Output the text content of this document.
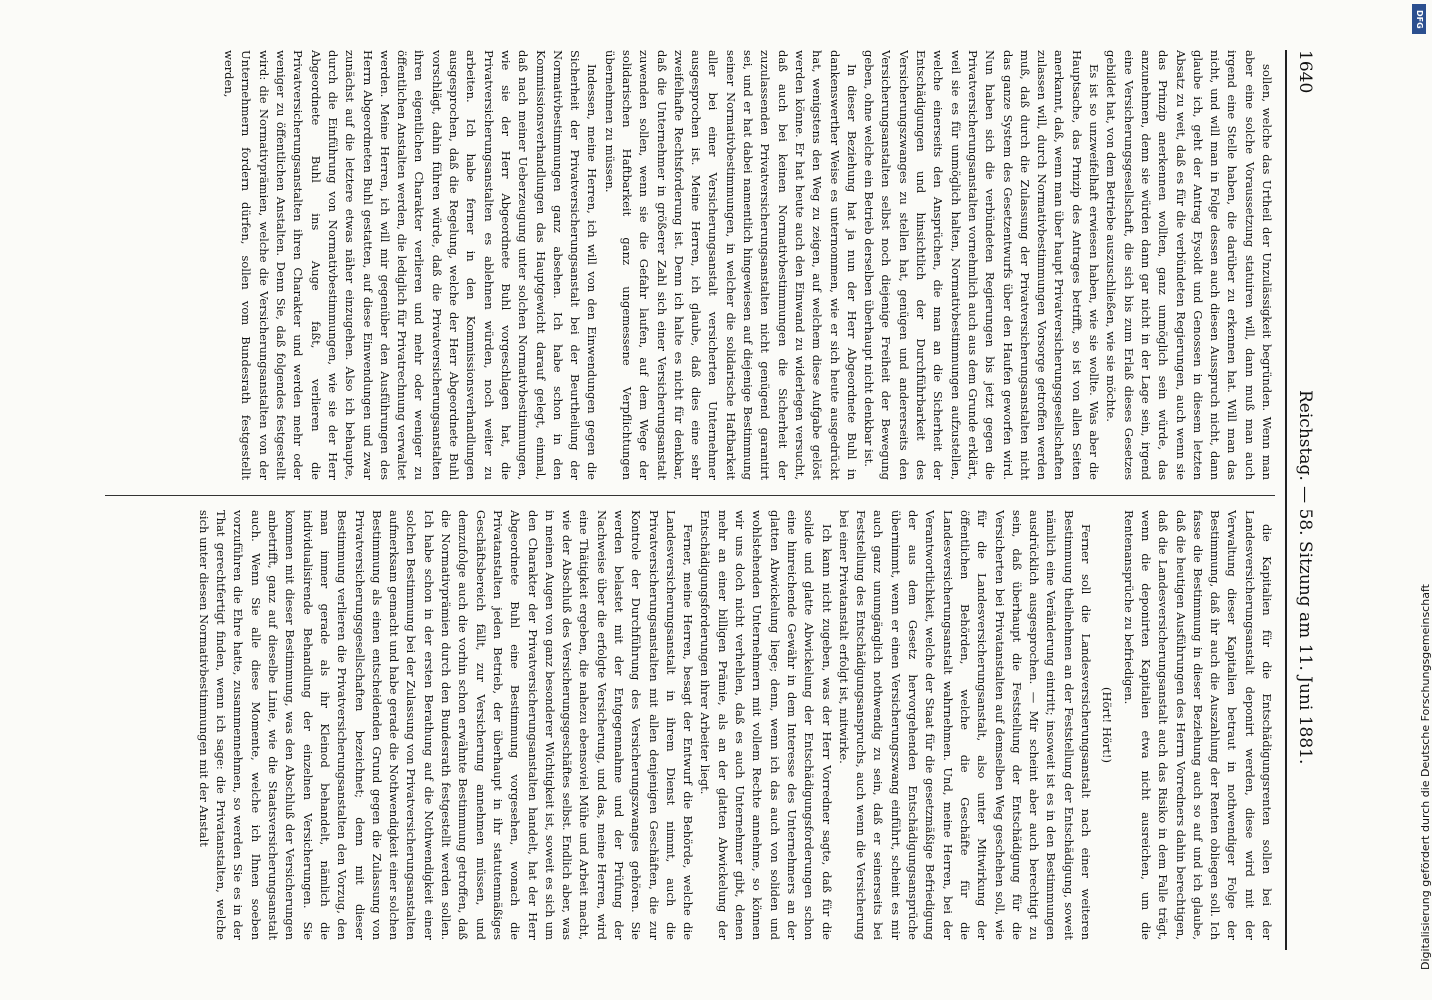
1640
Reichstag. — 58. Sitzung am 11. Juni 1881.

sollen, welche das Urtheil der Unzulässigkeit begründen. Wenn man aber eine solche Voraussetzung statuiren will, dann muß man auch irgend eine Stelle haben, die darüber zu erkennen hat. Will man das nicht, und will man in Folge dessen auch diesen Ausspruch nicht, dann glaube ich, geht der Antrag Eysoldt und Genossen in diesem letzten Absatz zu weit, daß es für die verbündeten Regierungen, auch wenn sie das Prinzip anerkennen wollten, ganz unmöglich sein würde, das anzunehmen, denn sie würden dann gar nicht in der Lage sein, irgend eine Versicherungsgesellschaft, die sich bis zum Erlaß dieses Gesetzes gebildet hat, von dem Betriebe auszuschließen, wie sie möchte.

Es ist so unzweifelhaft erwiesen haben, wie sie wollte. Was aber die Hauptsache, das Prinzip des Antrages betrifft, so ist von allen Seiten anerkannt, daß, wenn man über haupt Privatversicherungsgesellschaften zulassen will, durch Normativbestimmungen Vorsorge getroffen werden muß, daß durch die Zulassung der Privatversicherungsanstalten nicht das ganze System des Gesetzentwurfs über den Haufen geworfen wird. Nun haben sich die verbündeten Regierungen bis jetzt gegen die Privatversicherungsanstalten vornehmlich auch aus dem Grunde erklärt, weil sie es für unmöglich halten, Normativbestimmungen aufzustellen, welche einerseits den Ansprüchen, die man an die Sicherheit der Entschädigungen und hinsichtlich der Durchführbarkeit des Versicherungszwanges zu stellen hat, genügen und andererseits den Versicherungsanstalten selbst noch diejenige Freiheit der Bewegung geben, ohne welche ein Betrieb derselben überhaupt nicht denkbar ist.

In dieser Beziehung hat ja nun der Herr Abgeordnete Buhl in dankenswerther Weise es unternommen, wie er sich heute ausgedrückt hat, wenigstens den Weg zu zeigen, auf welchem diese Aufgabe gelöst werden könne. Er hat heute auch den Einwand zu widerlegen versucht, daß auch bei keinen Normativbestimmungen die Sicherheit der zuzulassenden Privatversicherungsanstalten nicht genügend garantirt sei, und er hat dabei namentlich hingewiesen auf diejenige Bestimmung seiner Normativbestimmungen, in welcher die solidarische Haftbarkeit aller bei einer Versicherungsanstalt versicherten Unternehmer ausgesprochen ist. Meine Herren, ich glaube, daß dies eine sehr zweifelhafte Rechtsforderung ist. Denn ich halte es nicht für denkbar, daß die Unternehmer in größerer Zahl sich einer Versicherungsanstalt zuwenden sollen, wenn sie die Gefahr laufen, auf dem Wege der solidarischen Haftbarkeit ganz ungemessene Verpflichtungen übernehmen zu müssen.

Indessen, meine Herren, ich will von den Einwendungen gegen die Sicherheit der Privatversicherungsanstalt bei der Beurtheilung der Normativbestimmungen ganz absehen. Ich habe schon in den Kommissionsverhandlungen das Hauptgewicht darauf gelegt, einmal, daß nach meiner Ueberzeugung unter solchen Normativbestimmungen, wie sie der Herr Abgeordnete Buhl vorgeschlagen hat, die Privatversicherungsanstalten es ablehnen würden, noch weiter zu arbeiten. Ich habe ferner in den Kommissionsverhandlungen ausgesprochen, daß die Regelung, welche der Herr Abgeordnete Buhl vorschlägt, dahin führen würde, daß die Privatversicherungsanstalten ihren eigentlichen Charakter verlieren und mehr oder weniger zu öffentlichen Anstalten werden, die lediglich für Privatrechnung verwaltet werden. Meine Herren, ich will mir gegenüber den Ausführungen des Herrn Abgeordneten Buhl gestatten, auf diese Einwendungen und zwar zunächst auf die letztere etwas näher einzugehen. Also ich behaupte, durch die Einführung von Normativbestimmungen, wie sie der Herr Abgeordnete Buhl ins Auge faßt, verlieren die Privatversicherungsanstalten ihren Charakter und werden mehr oder weniger zu öffentlichen Anstalten. Denn Sie, daß folgendes festgestellt wird: die Normativprämien, welche die Versicherungsanstalten von der Unternehmern fordern dürfen, sollen vom Bundesrath festgestellt werden,

die Kapitalien für die Entschädigungsrenten sollen bei der Landesversicherungsanstalt deponirt werden, diese wird mit der Verwaltung dieser Kapitalien betraut in nothwendiger Folge der Bestimmung, daß ihr auch die Auszahlung der Renten obliegen soll. Ich fasse die Bestimmung in dieser Beziehung auch so auf und ich glaube, daß die heutigen Ausführungen des Herrn Vorredners dahin berechtigen, daß die Landesversicherungsanstalt auch das Risiko in dem Falle trägt, wenn die deponirten Kapitalien etwa nicht ausreichen, um die Rentenansprüche zu befriedigen.

(Hört! Hört!)

Ferner soll die Landesversicherungsanstalt nach einer weiteren Bestimmung theilnehmen an der Feststellung der Entschädigung, soweit nämlich eine Veränderung eintritt; insoweit ist es in den Bestimmungen ausdrücklich ausgesprochen. — Mir scheint aber auch berechtigt zu sein, daß überhaupt die Feststellung der Entschädigung für die Versicherten bei Privatanstalten auf demselben Weg geschehen soll, wie für die Landesversicherungsanstalt, also unter Mitwirkung der öffentlichen Behörden, welche die Geschäfte für die Landesversicherungsanstalt wahrnehmen. Und, meine Herren, bei der Verantwortlichkeit, welche der Staat für die gesetzmäßige Befriedigung der aus dem Gesetz hervorgehenden Entschädigungsansprüche übernimmt, wenn er einen Versicherungszwang einführt, scheint es mir auch ganz unumgänglich nothwendig zu sein, daß er seinerseits bei Feststellung des Entschädigungsanspruchs, auch wenn die Versicherung bei einer Privatanstalt erfolgt ist, mitwirke.

Ich kann nicht zugeben, was der Herr Vorredner sagte, daß für die solide und glatte Abwickelung der Entschädigungsforderungen schon eine hinreichende Gewähr in dem Interesse des Unternehmers an der glatten Abwickelung liege; denn, wenn ich das auch von soliden und wohlstehenden Unternehmern mit vollem Rechte annehme, so können wir uns doch nicht verhehlen, daß es auch Unternehmer gibt, denen mehr an einer billigen Prämie, als an der glatten Abwickelung der Entschädigungsforderungen ihrer Arbeiter liegt.

Ferner, meine Herren, besagt der Entwurf die Behörde, welche die Landesversicherungsanstalt in ihrem Dienst nimmt, auch die Privatversicherungsanstalten mit allen denjenigen Geschäften, die zur Kontrole der Durchführung des Versicherungszwanges gehören. Sie werden belastet mit der Entgegennahme und der Prüfung der Nachweise über die erfolgte Versicherung, und das, meine Herren, wird eine Thätigkeit ergeben, die nahezu ebensoviel Mühe und Arbeit macht, wie der Abschluß des Versicherungsgeschäftes selbst. Endlich aber, was in meinen Augen von ganz besonderer Wichtigkeit ist, soweit es sich um den Charakter der Privatversicherungsanstalten handelt, hat der Herr Abgeordnete Buhl eine Bestimmung vorgesehen, wonach die Privatanstalten jeden Betrieb, der überhaupt in ihr statutenmäßiges Geschäftsbereich fällt, zur Versicherung annehmen müssen, und demzufolge auch die vorhin schon erwähnte Bestimmung getroffen, daß die Normativprämien durch den Bundesrath festgestellt werden sollen. Ich habe schon in der ersten Berathung auf die Nothwendigkeit einer solchen Bestimmung bei der Zulassung von Privatversicherungsanstalten aufmerksam gemacht und habe gerade die Nothwendigkeit einer solchen Bestimmung als einen entscheidenden Grund gegen die Zulassung von Privatversicherungsgesellschaften bezeichnet; denn mit dieser Bestimmung verlieren die Privatversicherungsanstalten den Vorzug, den man immer gerade als ihr Kleinod behandelt, nämlich die individualisirende Behandlung der einzelnen Versicherungen. Sie kommen mit dieser Bestimmung, was den Abschluß der Versicherungen anbetrifft, ganz auf dieselbe Linie, wie die Staatsversicherungsanstalt auch. Wenn Sie alle diese Momente, welche ich Ihnen soeben vorzuführen die Ehre hatte, zusammennehmen, so werden Sie es in der That gerechtfertigt finden, wenn ich sage: die Privatanstalten, welche sich unter diesen Normativbestimmungen mit der Anstalt	Digitalisierung gefördert durch die Deutsche Forschungsgemeinschaft
DFG
